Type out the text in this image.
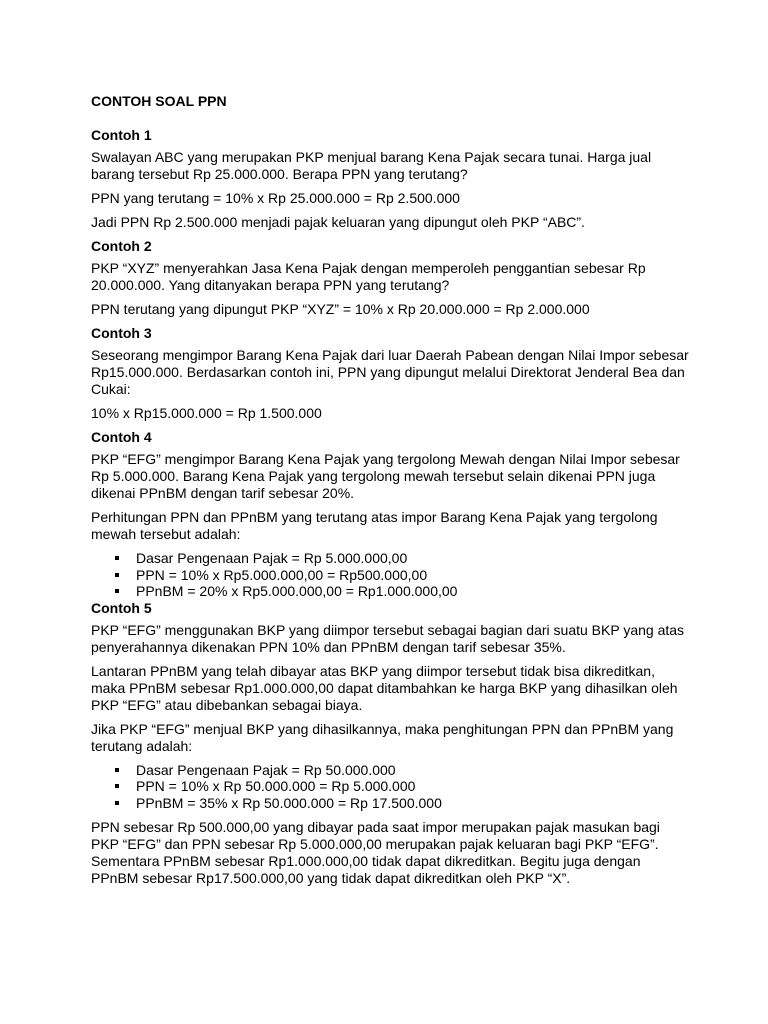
CONTOH SOAL PPN
Contoh 1

Swalayan ABC yang merupakan PKP menjual barang Kena Pajak secara tunai. Harga jual barang tersebut Rp 25.000.000. Berapa PPN yang terutang?

PPN yang terutang = 10% x Rp 25.000.000 = Rp 2.500.000

Jadi PPN Rp 2.500.000 menjadi pajak keluaran yang dipungut oleh PKP “ABC”.

Contoh 2

PKP “XYZ” menyerahkan Jasa Kena Pajak dengan memperoleh penggantian sebesar Rp 20.000.000. Yang ditanyakan berapa PPN yang terutang?

PPN terutang yang dipungut PKP “XYZ” = 10% x Rp 20.000.000 = Rp 2.000.000

Contoh 3

Seseorang mengimpor Barang Kena Pajak dari luar Daerah Pabean dengan Nilai Impor sebesar Rp15.000.000. Berdasarkan contoh ini, PPN yang dipungut melalui Direktorat Jenderal Bea dan Cukai:

10% x Rp15.000.000 = Rp 1.500.000

Contoh 4

PKP “EFG” mengimpor Barang Kena Pajak yang tergolong Mewah dengan Nilai Impor sebesar Rp 5.000.000. Barang Kena Pajak yang tergolong mewah tersebut selain dikenai PPN juga dikenai PPnBM dengan tarif sebesar 20%.

Perhitungan PPN dan PPnBM yang terutang atas impor Barang Kena Pajak yang tergolong mewah tersebut adalah:

Dasar Pengenaan Pajak = Rp 5.000.000,00
PPN = 10% x Rp5.000.000,00 = Rp500.000,00
PPnBM = 20% x Rp5.000.000,00 = Rp1.000.000,00
Contoh 5

PKP “EFG” menggunakan BKP yang diimpor tersebut sebagai bagian dari suatu BKP yang atas penyerahannya dikenakan PPN 10% dan PPnBM dengan tarif sebesar 35%.

Lantaran PPnBM yang telah dibayar atas BKP yang diimpor tersebut tidak bisa dikreditkan, maka PPnBM sebesar Rp1.000.000,00 dapat ditambahkan ke harga BKP yang dihasilkan oleh PKP “EFG” atau dibebankan sebagai biaya.

Jika PKP “EFG” menjual BKP yang dihasilkannya, maka penghitungan PPN dan PPnBM yang terutang adalah:

Dasar Pengenaan Pajak = Rp 50.000.000
PPN = 10% x Rp 50.000.000 = Rp 5.000.000
PPnBM = 35% x Rp 50.000.000 = Rp 17.500.000

PPN sebesar Rp 500.000,00 yang dibayar pada saat impor merupakan pajak masukan bagi PKP “EFG” dan PPN sebesar Rp 5.000.000,00 merupakan pajak keluaran bagi PKP “EFG”. Sementara PPnBM sebesar Rp1.000.000,00 tidak dapat dikreditkan. Begitu juga dengan PPnBM sebesar Rp17.500.000,00 yang tidak dapat dikreditkan oleh PKP “X”.
